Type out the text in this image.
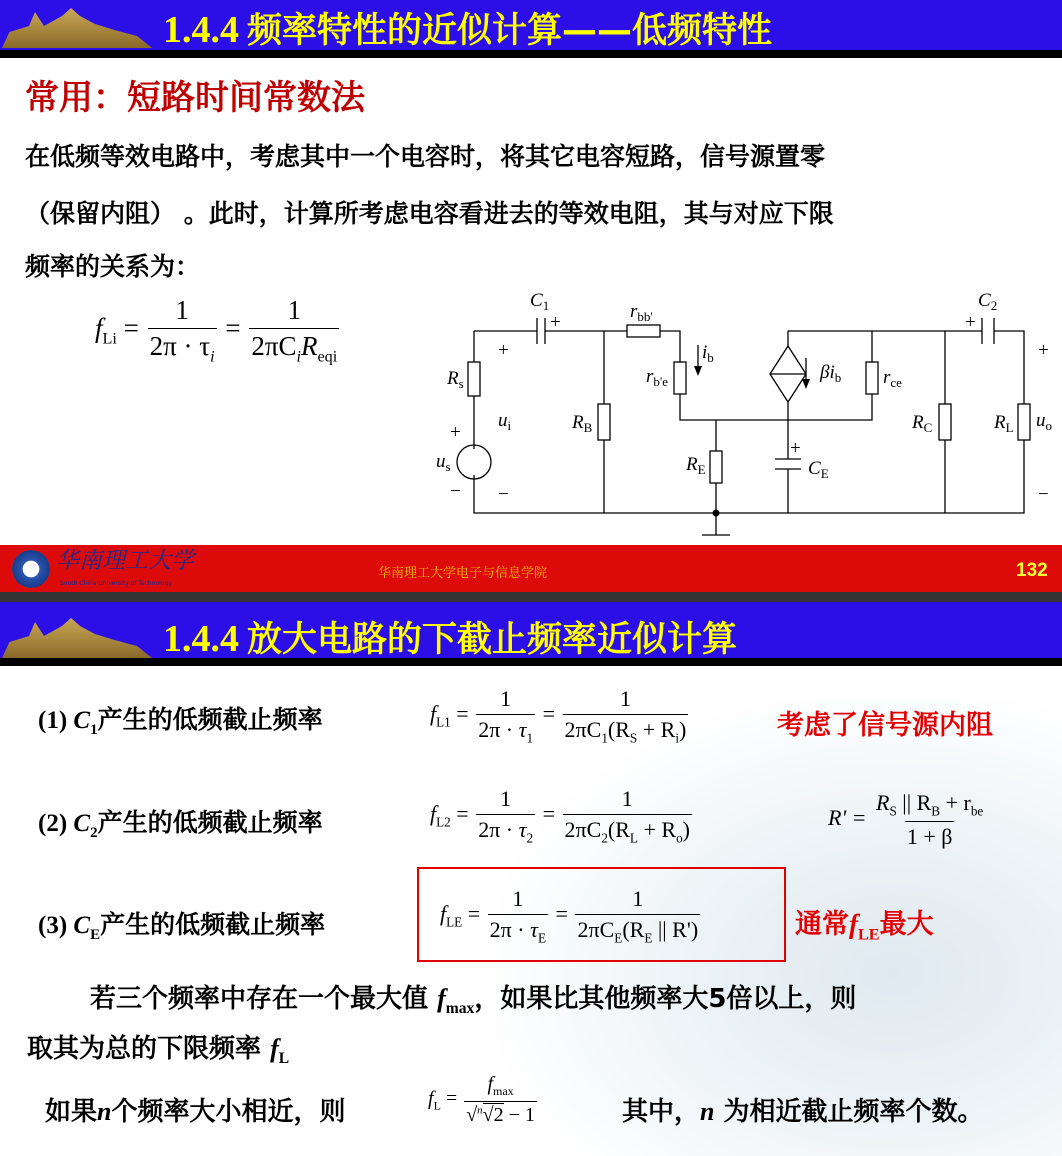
1.4.4 频率特性的近似计算——低频特性
常用：短路时间常数法
在低频等效电路中，考虑其中一个电容时，将其它电容短路，信号源置零
（保留内阻） 。此时，计算所考虑电容看进去的等效电阻，其与对应下限
频率的关系为：
$f_{Li} = \frac{1}{2\pi \cdot \tau_i} = \frac{1}{2\pi C_iR_{eqi}}$	$C_1$
+
$r_{bb'}$
$i_b$
$r_{b'e}$	$\beta i_b$ $r_{ce}$
$C_2$
+
$R_s$
+
$u_i$
−
+
$u_s$
−
$R_B$
$R_E$
+
$C_E$
$R_C$	$R_L$ $u_o$
+
−
华南理工大学
South China University of Technology
华南理工大学电子与信息学院	132
1.4.4 放大电路的下截止频率近似计算
(1) $C_1$产生的低频截止频率
(2) $C_2$产生的低频截止频率
(3) $C_E$产生的低频截止频率
$f_{L1} = \frac{1}{2\pi \cdot \tau_1} = \frac{1}{2\pi C_1(R_S + R_i)}$
$f_{L2} = \frac{1}{2\pi \cdot \tau_2} = \frac{1}{2\pi C_2(R_L + R_o)}$
$f_{LE} = \frac{1}{2\pi \cdot \tau_E} = \frac{1}{2\pi C_E(R_E || R')}$
考虑了信号源内阻
通常$f_{LE}$最大
$R' = \frac{R_S || R_B + r_{be}}{1 + \beta}$
若三个频率中存在一个最大值 $f_{max}$，如果比其他频率大5倍以上，则
取其为总的下限频率 $f_L$
如果n个频率大小相近，则	$f_L = \frac{f_{max}}{√^n√2 - 1}$	其中，n 为相近截止频率个数。
